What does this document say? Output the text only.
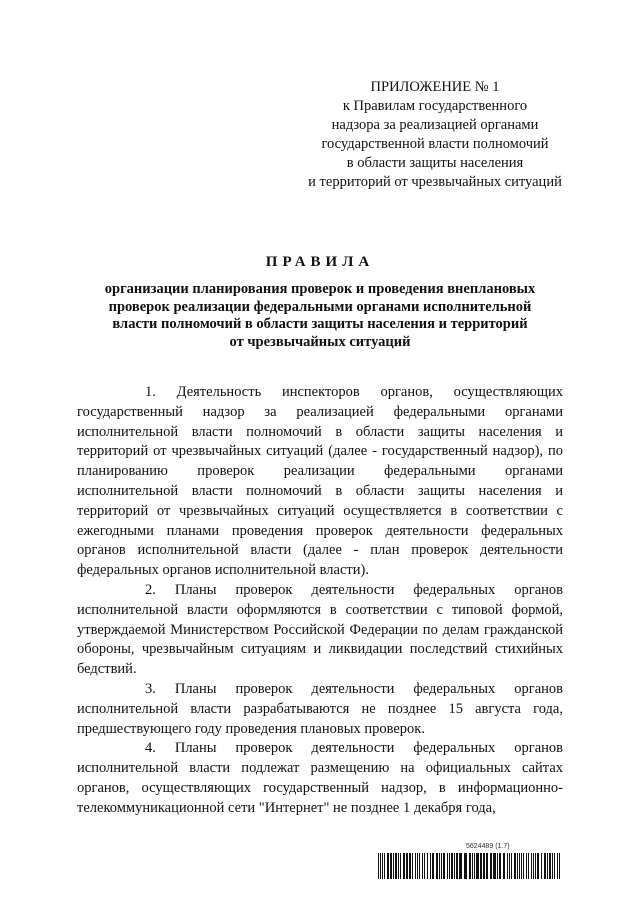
ПРИЛОЖЕНИЕ № 1
к Правилам государственного
надзора за реализацией органами
государственной власти полномочий
в области защиты населения
и территорий от чрезвычайных ситуаций
ПРАВИЛА
организации планирования проверок и проведения внеплановых
проверок реализации федеральными органами исполнительной
власти полномочий в области защиты населения и территорий
от чрезвычайных ситуаций

1. Деятельность инспекторов органов, осуществляющих государственный надзор за реализацией федеральными органами исполнительной власти полномочий в области защиты населения и территорий от чрезвычайных ситуаций (далее - государственный надзор), по планированию проверок реализации федеральными органами исполнительной власти полномочий в области защиты населения и территорий от чрезвычайных ситуаций осуществляется в соответствии с ежегодными планами проведения проверок деятельности федеральных органов исполнительной власти (далее - план проверок деятельности федеральных органов исполнительной власти).

2. Планы проверок деятельности федеральных органов исполнительной власти оформляются в соответствии с типовой формой, утверждаемой Министерством Российской Федерации по делам гражданской обороны, чрезвычайным ситуациям и ликвидации последствий стихийных бедствий.

3. Планы проверок деятельности федеральных органов исполнительной власти разрабатываются не позднее 15 августа года, предшествующего году проведения плановых проверок.

4. Планы проверок деятельности федеральных органов исполнительной власти подлежат размещению на официальных сайтах органов, осуществляющих государственный надзор, в информационно-телекоммуникационной сети "Интернет" не позднее 1 декабря года,

5624489 (1.7)
